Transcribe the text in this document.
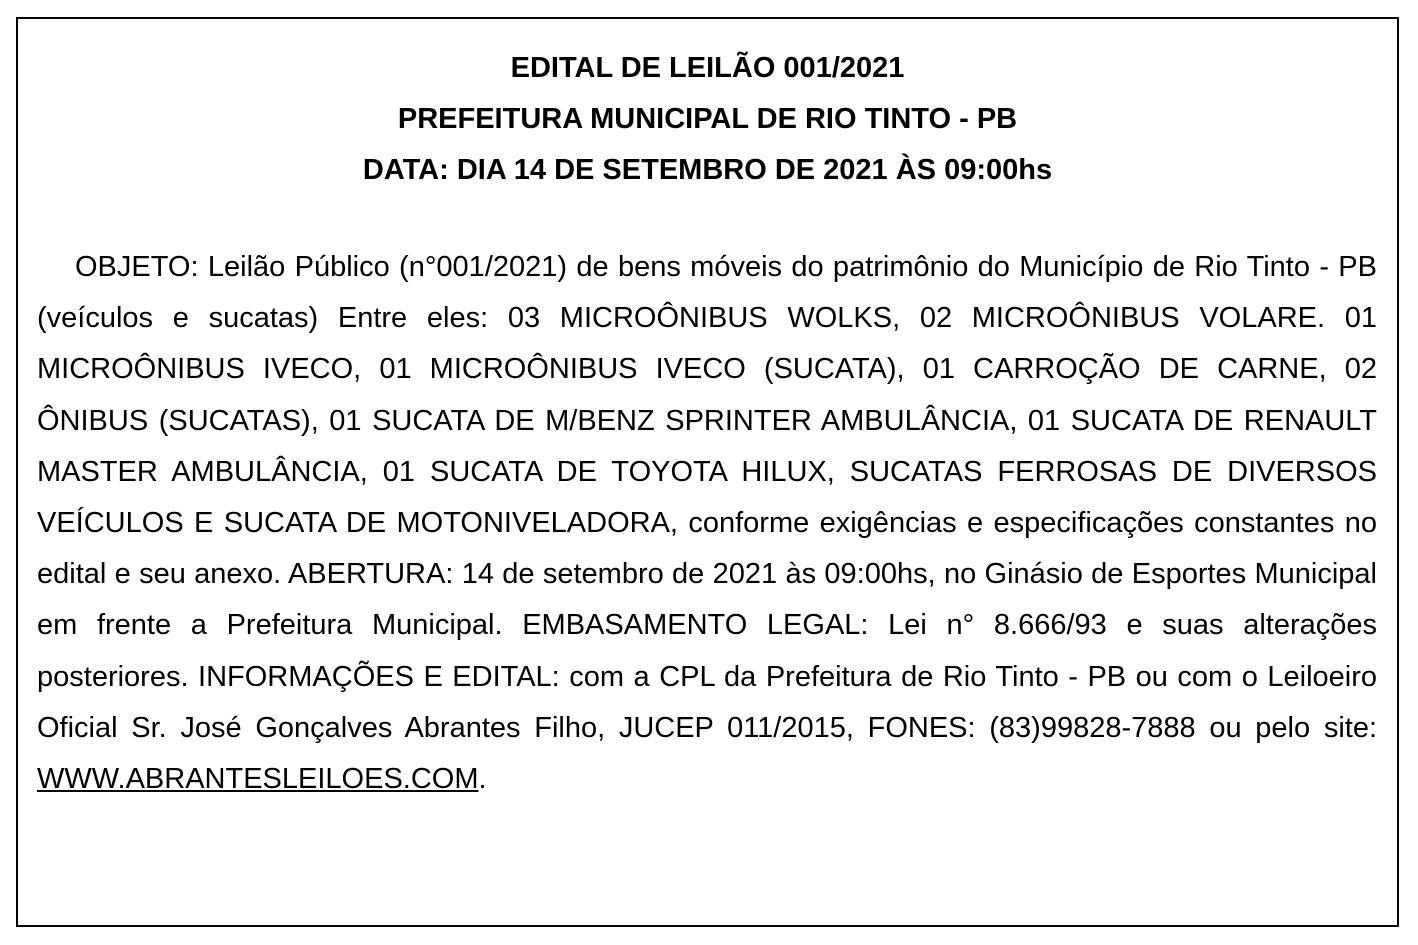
EDITAL DE LEILÃO 001/2021
PREFEITURA MUNICIPAL DE RIO TINTO - PB
DATA: DIA 14 DE SETEMBRO DE 2021 ÀS 09:00hs

OBJETO: Leilão Público (n°001/2021) de bens móveis do patrimônio do Município de Rio Tinto - PB (veículos e sucatas) Entre eles: 03 MICROÔNIBUS WOLKS, 02 MICROÔNIBUS VOLARE. 01 MICROÔNIBUS IVECO, 01 MICROÔNIBUS IVECO (SUCATA), 01 CARROÇÃO DE CARNE, 02 ÔNIBUS (SUCATAS), 01 SUCATA DE M/BENZ SPRINTER AMBULÂNCIA, 01 SUCATA DE RENAULT MASTER AMBULÂNCIA, 01 SUCATA DE TOYOTA HILUX, SUCATAS FERROSAS DE DIVERSOS VEÍCULOS E SUCATA DE MOTONIVELADORA, conforme exigências e especificações constantes no edital e seu anexo. ABERTURA: 14 de setembro de 2021 às 09:00hs, no Ginásio de Esportes Municipal em frente a Prefeitura Municipal. EMBASAMENTO LEGAL: Lei n° 8.666/93 e suas alterações posteriores. INFORMAÇÕES E EDITAL: com a CPL da Prefeitura de Rio Tinto - PB ou com o Leiloeiro Oficial Sr. José Gonçalves Abrantes Filho, JUCEP 011/2015, FONES: (83)99828-7888 ou pelo site: WWW.ABRANTESLEILOES.COM.
